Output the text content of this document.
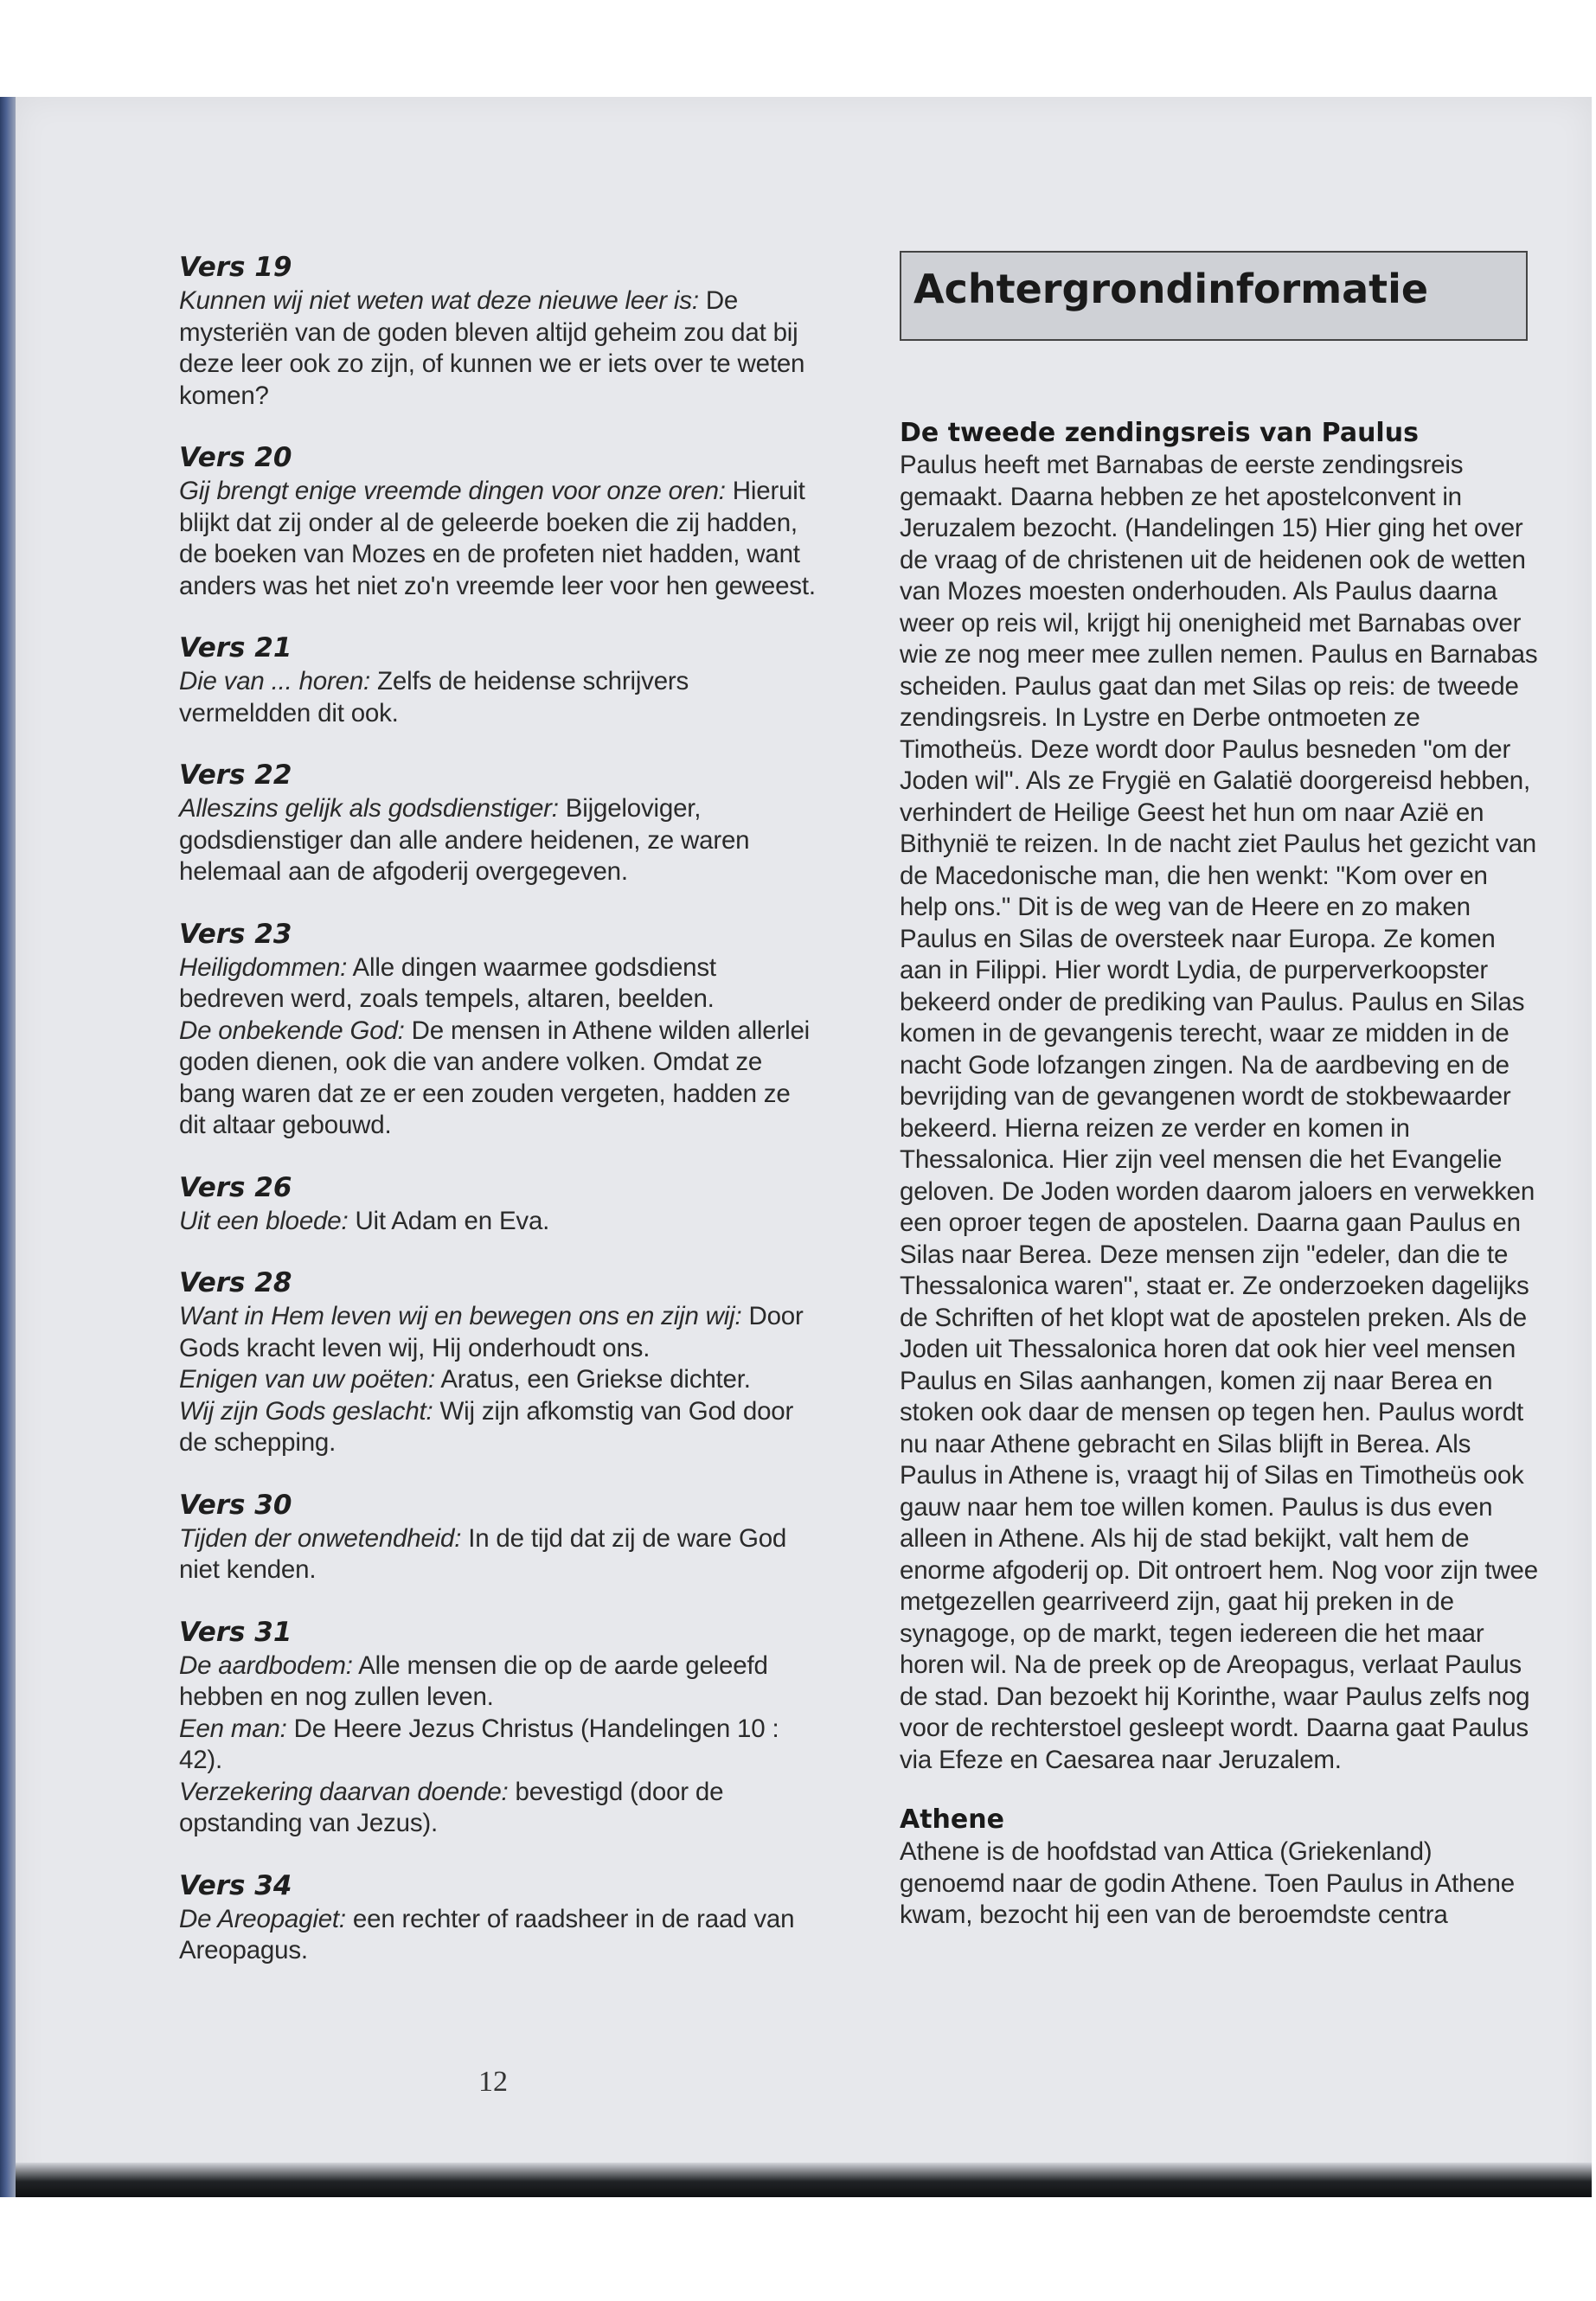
Vers 19

Kunnen wij niet weten wat deze nieuwe leer is: De mysteriën van de goden bleven altijd geheim zou dat bij deze leer ook zo zijn, of kunnen we er iets over te weten komen?

Vers 20

Gij brengt enige vreemde dingen voor onze oren: Hieruit blijkt dat zij onder al de geleerde boeken die zij hadden, de boeken van Mozes en de profeten niet hadden, want anders was het niet zo'n vreemde leer voor hen geweest.

Vers 21

Die van ... horen: Zelfs de heidense schrijvers vermeldden dit ook.

Vers 22

Alleszins gelijk als godsdienstiger: Bijgeloviger, godsdienstiger dan alle andere heidenen, ze waren helemaal aan de afgoderij overgegeven.

Vers 23

Heiligdommen: Alle dingen waarmee godsdienst bedreven werd, zoals tempels, altaren, beelden.

De onbekende God: De mensen in Athene wilden allerlei goden dienen, ook die van andere volken. Omdat ze bang waren dat ze er een zouden vergeten, hadden ze dit altaar gebouwd.

Vers 26

Uit een bloede: Uit Adam en Eva.

Vers 28

Want in Hem leven wij en bewegen ons en zijn wij: Door Gods kracht leven wij, Hij onderhoudt ons.

Enigen van uw poëten: Aratus, een Griekse dichter.

Wij zijn Gods geslacht: Wij zijn afkomstig van God door de schepping.

Vers 30

Tijden der onwetendheid: In de tijd dat zij de ware God niet kenden.

Vers 31

De aardbodem: Alle mensen die op de aarde geleefd hebben en nog zullen leven.

Een man: De Heere Jezus Christus (Handelingen 10 : 42).

Verzekering daarvan doende: bevestigd (door de opstanding van Jezus).

Vers 34

De Areopagiet: een rechter of raadsheer in de raad van Areopagus.

Achtergrondinformatie
De tweede zendingsreis van Paulus

Paulus heeft met Barnabas de eerste zendingsreis gemaakt. Daarna hebben ze het apostelconvent in Jeruzalem bezocht. (Handelingen 15) Hier ging het over de vraag of de christenen uit de heidenen ook de wetten van Mozes moesten onderhouden. Als Paulus daarna weer op reis wil, krijgt hij onenigheid met Barnabas over wie ze nog meer mee zullen nemen. Paulus en Barnabas scheiden. Paulus gaat dan met Silas op reis: de tweede zendingsreis. In Lystre en Derbe ontmoeten ze Timotheüs. Deze wordt door Paulus besneden "om der Joden wil". Als ze Frygië en Galatië doorgereisd hebben, verhindert de Heilige Geest het hun om naar Azië en Bithynië te reizen. In de nacht ziet Paulus het gezicht van de Macedonische man, die hen wenkt: "Kom over en help ons." Dit is de weg van de Heere en zo maken Paulus en Silas de oversteek naar Europa. Ze komen aan in Filippi. Hier wordt Lydia, de purperverkoopster bekeerd onder de prediking van Paulus. Paulus en Silas komen in de gevangenis terecht, waar ze midden in de nacht Gode lofzangen zingen. Na de aardbeving en de bevrijding van de gevangenen wordt de stokbewaarder bekeerd. Hierna reizen ze verder en komen in Thessalonica. Hier zijn veel mensen die het Evangelie geloven. De Joden worden daarom jaloers en verwekken een oproer tegen de apostelen. Daarna gaan Paulus en Silas naar Berea. Deze mensen zijn "edeler, dan die te Thessalonica waren", staat er. Ze onderzoeken dagelijks de Schriften of het klopt wat de apostelen preken. Als de Joden uit Thessalonica horen dat ook hier veel mensen Paulus en Silas aanhangen, komen zij naar Berea en stoken ook daar de mensen op tegen hen. Paulus wordt nu naar Athene gebracht en Silas blijft in Berea. Als Paulus in Athene is, vraagt hij of Silas en Timotheüs ook gauw naar hem toe willen komen. Paulus is dus even alleen in Athene. Als hij de stad bekijkt, valt hem de enorme afgoderij op. Dit ontroert hem. Nog voor zijn twee metgezellen gearriveerd zijn, gaat hij preken in de synagoge, op de markt, tegen iedereen die het maar horen wil. Na de preek op de Areopagus, verlaat Paulus de stad. Dan bezoekt hij Korinthe, waar Paulus zelfs nog voor de rechterstoel gesleept wordt. Daarna gaat Paulus via Efeze en Caesarea naar Jeruzalem.

Athene

Athene is de hoofdstad van Attica (Griekenland) genoemd naar de godin Athene. Toen Paulus in Athene kwam, bezocht hij een van de beroemdste centra

12
